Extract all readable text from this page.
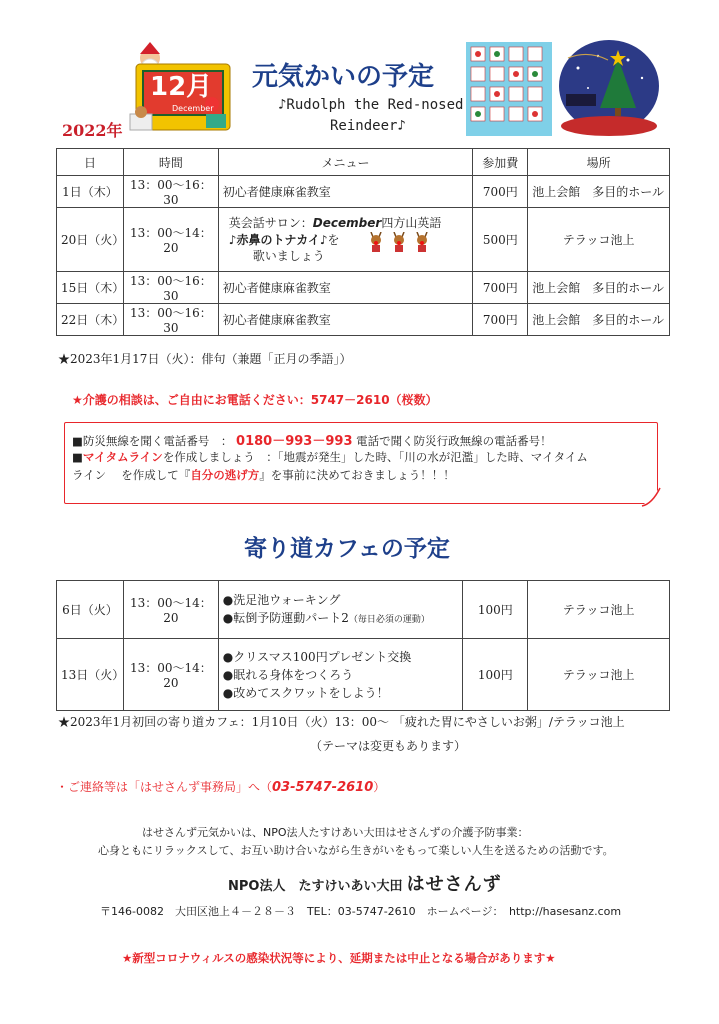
12月
December
2022年
元気かいの予定
♪Rudolph the Red-nosed
Reindeer♪
日	時間	メニュー	参加費	場所
1日（木）	13：00～16：30	初心者健康麻雀教室	700円	池上会館　多目的ホール
20日（火）	13：00～14：20	英会話サロン：December四方山英語
♪赤鼻のトナカイ♪を
歌いましょう	500円	テラッコ池上
15日（木）	13：00～16：30	初心者健康麻雀教室	700円	池上会館　多目的ホール
22日（木）	13：00～16：30	初心者健康麻雀教室	700円	池上会館　多目的ホール
★2023年1月17日（火）：俳句（兼題「正月の季語」）
★介護の相談は、ご自由にお電話ください：5747－2610（桜数）
■防災無線を聞く電話番号　： 0180－993－993 電話で聞く防災行政無線の電話番号！
■マイタムラインを作成しましょう　：「地震が発生」した時、「川の水が氾濫」した時、マイタイム
ライン　 を作成して『自分の逃げ方』を事前に決めておきましょう！！！
寄り道カフェの予定
6日（火）	13：00～14：20	●洗足池ウォーキング
●転倒予防運動パート2（毎日必須の運動）	100円	テラッコ池上
13日（火）	13：00～14：20	●クリスマス100円プレゼント交換
●眠れる身体をつくろう
●改めてスクワットをしよう！	100円	テラッコ池上
★2023年1月初回の寄り道カフェ：1月10日（火）13：00～ 「疲れた胃にやさしいお粥」/テラッコ池上
（テーマは変更もあります）
・ご連絡等は「はせさんず事務局」へ（03-5747-2610）
はせさんず元気かいは、NPO法人たすけあい大田はせさんずの介護予防事業：
心身ともにリラックスして、お互い助け合いながら生きがいをもって楽しい人生を送るための活動です。
NPO法人　たすけいあい大田 はせさんず
〒146-0082　大田区池上４－２８－３　TEL：03-5747-2610　ホームページ：　http://hasesanz.com
★新型コロナウィルスの感染状況等により、延期または中止となる場合があります★
